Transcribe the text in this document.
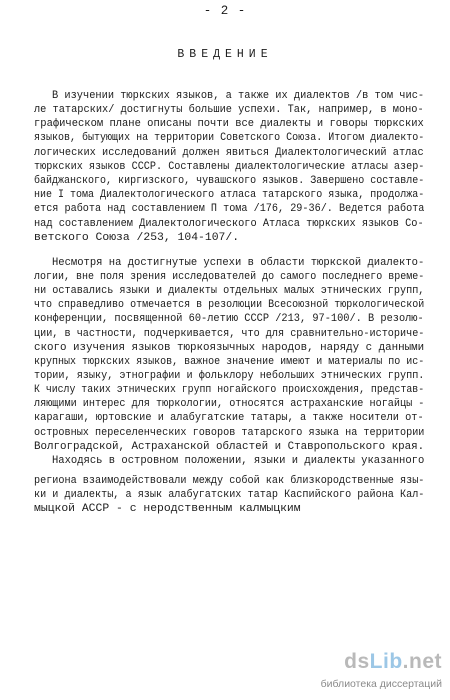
- 2 -
ВВЕДЕНИЕ
В изучении тюркских языков, а также их диалектов /в том чис-
ле татарских/ достигнуты большие успехи. Так, например, в моно-
графическом плане описаны почти все диалекты и говоры тюркских
языков, бытующих на территории Советского Союза. Итогом диалекто-
логических исследований должен явиться Диалектологический атлас
тюркских языков СССР. Составлены диалектологические атласы азер-
байджанского, киргизского, чувашского языков. Завершено составле-
ние I тома Диалектологического атласа татарского языка, продолжа-
ется работа над составлением П тома /176, 29-36/. Ведется работа
над составлением Диалектологического Атласа тюркских языков Со-
ветского Союза /253, 104-107/.
Несмотря на достигнутые успехи в области тюркской диалекто-
логии, вне поля зрения исследователей до самого последнего време-
ни оставались языки и диалекты отдельных малых этнических групп,
что справедливо отмечается в резолюции Всесоюзной тюркологической
конференции, посвященной 60-летию СССР /213, 97-100/. В резолю-
ции, в частности, подчеркивается, что для сравнительно-историче-
ского изучения языков тюркоязычных народов, наряду с данными
крупных тюркских языков, важное значение имеют и материалы по ис-
тории, языку, этнографии и фольклору небольших этнических групп.
К числу таких этнических групп ногайского происхождения, представ-
ляющими интерес для тюркологии, относятся астраханские ногайцы -
карагаши, юртовские и алабугатские татары, а также носители от-
островных переселенческих говоров татарского языка на территории
Волгоградской, Астраханской областей и Ставропольского края.
Находясь в островном положении, языки и диалекты указанного
региона взаимодействовали между собой как близкородственные язы-
ки и диалекты, а язык алабугатских татар Каспийского района Кал-
мыцкой АССР - с неродственным калмыцким
dsLib.net
библиотека диссертаций
